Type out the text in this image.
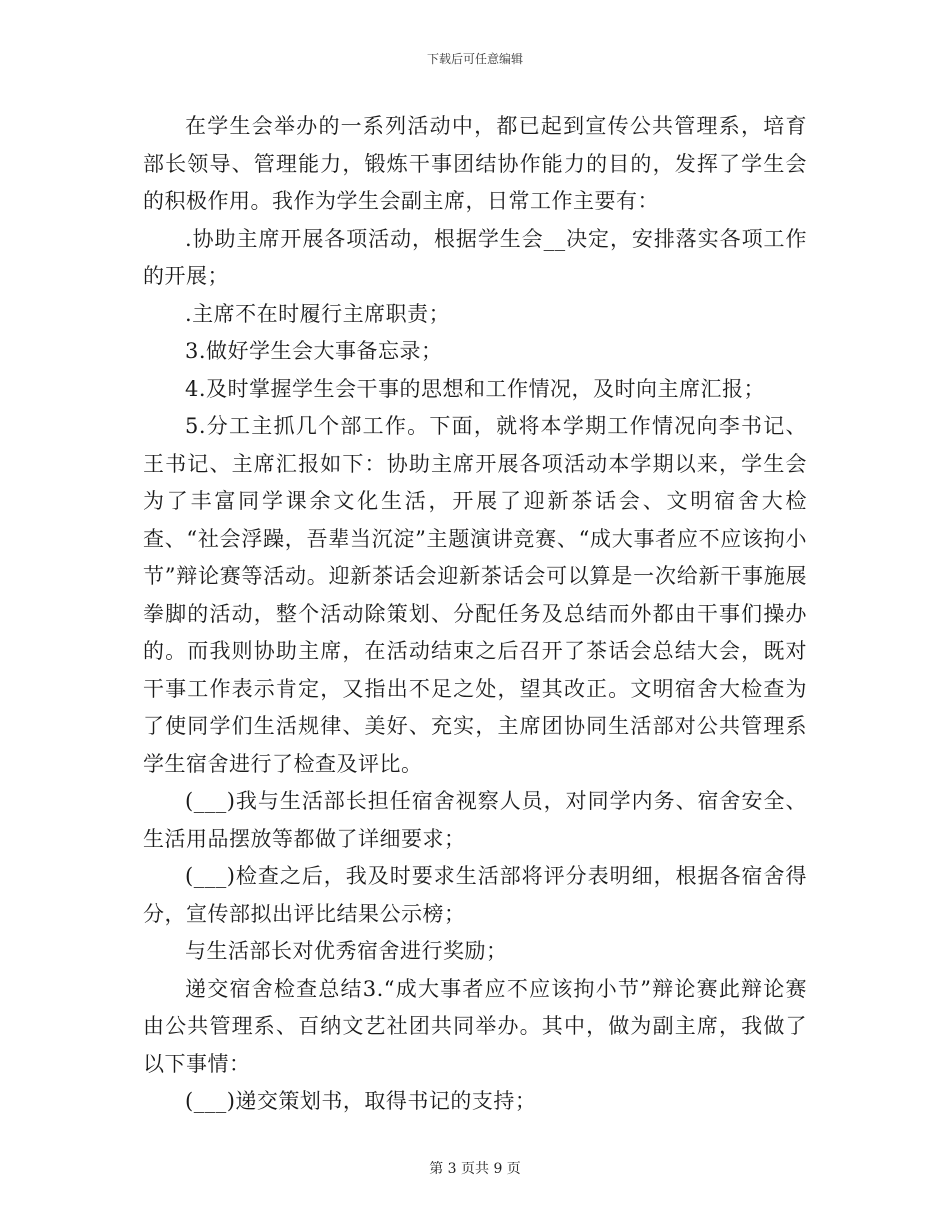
下载后可任意编辑

在学生会举办的一系列活动中，都已起到宣传公共管理系，培育部长领导、管理能力，锻炼干事团结协作能力的目的，发挥了学生会的积极作用。我作为学生会副主席，日常工作主要有：

.协助主席开展各项活动，根据学生会__决定，安排落实各项工作的开展；

.主席不在时履行主席职责；

3.做好学生会大事备忘录；

4.及时掌握学生会干事的思想和工作情况，及时向主席汇报；

5.分工主抓几个部工作。下面，就将本学期工作情况向李书记、王书记、主席汇报如下：协助主席开展各项活动本学期以来，学生会为了丰富同学课余文化生活，开展了迎新茶话会、文明宿舍大检查、“社会浮躁，吾辈当沉淀”主题演讲竞赛、“成大事者应不应该拘小节”辩论赛等活动。迎新茶话会迎新茶话会可以算是一次给新干事施展拳脚的活动，整个活动除策划、分配任务及总结而外都由干事们操办的。而我则协助主席，在活动结束之后召开了茶话会总结大会，既对干事工作表示肯定，又指出不足之处，望其改正。文明宿舍大检查为了使同学们生活规律、美好、充实，主席团协同生活部对公共管理系学生宿舍进行了检查及评比。

(___)我与生活部长担任宿舍视察人员，对同学内务、宿舍安全、生活用品摆放等都做了详细要求；

(___)检查之后，我及时要求生活部将评分表明细，根据各宿舍得分，宣传部拟出评比结果公示榜；

与生活部长对优秀宿舍进行奖励；

递交宿舍检查总结3.“成大事者应不应该拘小节”辩论赛此辩论赛由公共管理系、百纳文艺社团共同举办。其中，做为副主席，我做了以下事情：

(___)递交策划书，取得书记的支持；

第 3 页共 9 页
